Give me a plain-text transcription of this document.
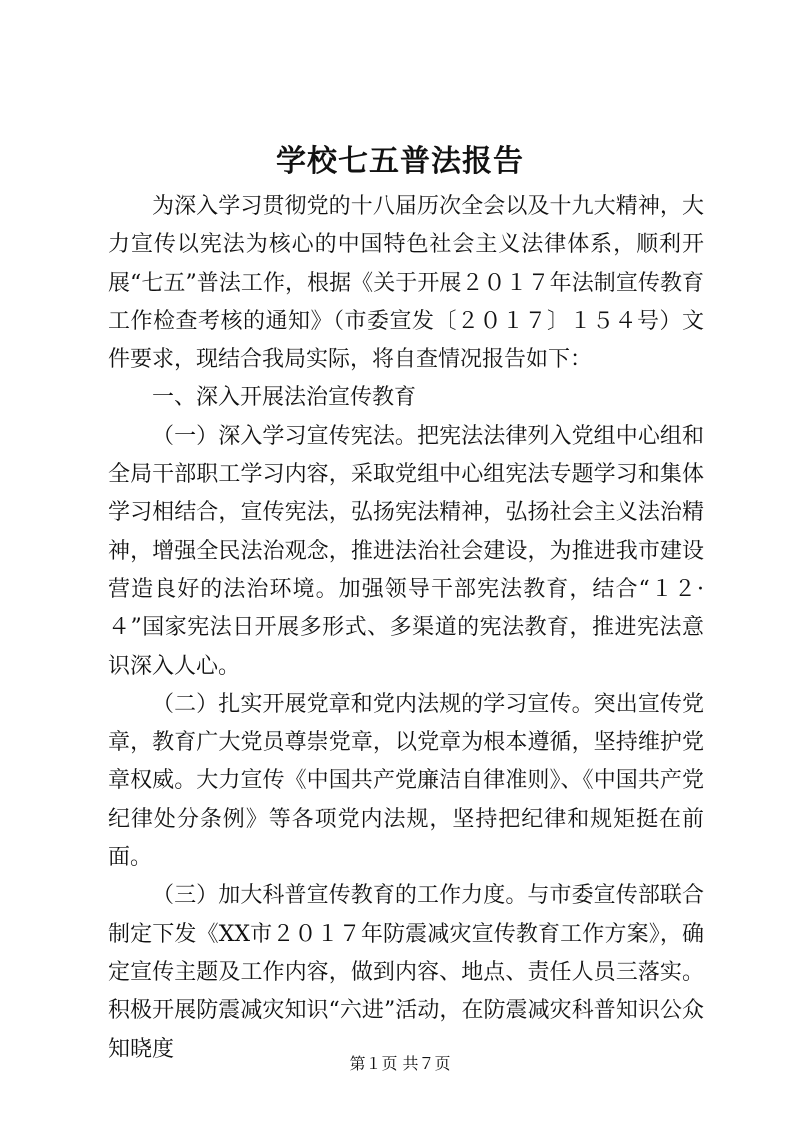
学校七五普法报告

为深入学习贯彻党的十八届历次全会以及十九大精神，大力宣传以宪法为核心的中国特色社会主义法律体系，顺利开展“七五”普法工作，根据《关于开展２０１７年法制宣传教育工作检查考核的通知》（市委宣发〔２０１７〕１５４号）文件要求，现结合我局实际，将自查情况报告如下：

一、深入开展法治宣传教育

（一）深入学习宣传宪法。把宪法法律列入党组中心组和全局干部职工学习内容，采取党组中心组宪法专题学习和集体学习相结合，宣传宪法，弘扬宪法精神，弘扬社会主义法治精神，增强全民法治观念，推进法治社会建设，为推进我市建设营造良好的法治环境。加强领导干部宪法教育，结合“１２·４”国家宪法日开展多形式、多渠道的宪法教育，推进宪法意识深入人心。

（二）扎实开展党章和党内法规的学习宣传。突出宣传党章，教育广大党员尊崇党章，以党章为根本遵循，坚持维护党章权威。大力宣传《中国共产党廉洁自律准则》、《中国共产党纪律处分条例》等各项党内法规，坚持把纪律和规矩挺在前面。

（三）加大科普宣传教育的工作力度。与市委宣传部联合制定下发《XX市２０１７年防震减灾宣传教育工作方案》，确定宣传主题及工作内容，做到内容、地点、责任人员三落实。积极开展防震减灾知识“六进”活动，在防震减灾科普知识公众知晓度

第１页 共７页
